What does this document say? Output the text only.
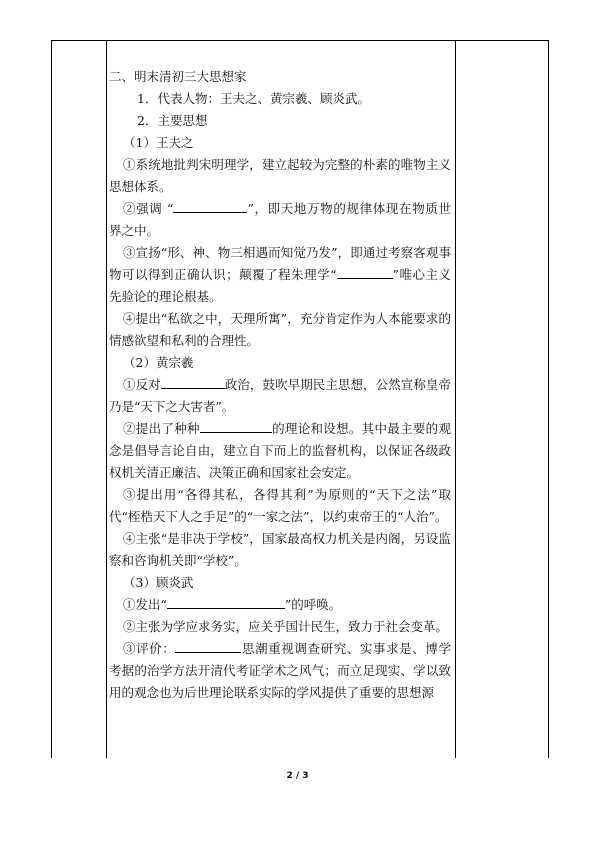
二、明末清初三大思想家

1．代表人物：王夫之、黄宗羲、顾炎武。

2．主要思想

（1）王夫之

①系统地批判宋明理学，建立起较为完整的朴素的唯物主义思想体系。

②强调 “	”，即天地万物的规律体现在物质世界之中。

③宣扬“形、神、物三相遇而知觉乃发”，即通过考察客观事物可以得到正确认识；颠覆了程朱理学“	”唯心主义先验论的理论根基。

④提出“私欲之中，天理所寓”，充分肯定作为人本能要求的情感欲望和私利的合理性。

（2）黄宗羲

①反对	政治，鼓吹早期民主思想，公然宣称皇帝乃是“天下之大害者”。

②提出了种种	的理论和设想。其中最主要的观念是倡导言论自由，建立自下而上的监督机构，以保证各级政权机关清正廉洁、决策正确和国家社会安定。

③提出用“各得其私，各得其利”为原则的“天下之法”取代“桎梏天下人之手足”的“一家之法”，以约束帝王的“人治”。

④主张“是非决于学校”，国家最高权力机关是内阁，另设监察和咨询机关即“学校”。

（3）顾炎武

①发出“	”的呼唤。

②主张为学应求务实，应关乎国计民生，致力于社会变革。

③评价：	思潮重视调查研究、实事求是、博学考据的治学方法开清代考证学术之风气；而立足现实、学以致用的观念也为后世理论联系实际的学风提供了重要的思想源

2 / 3
